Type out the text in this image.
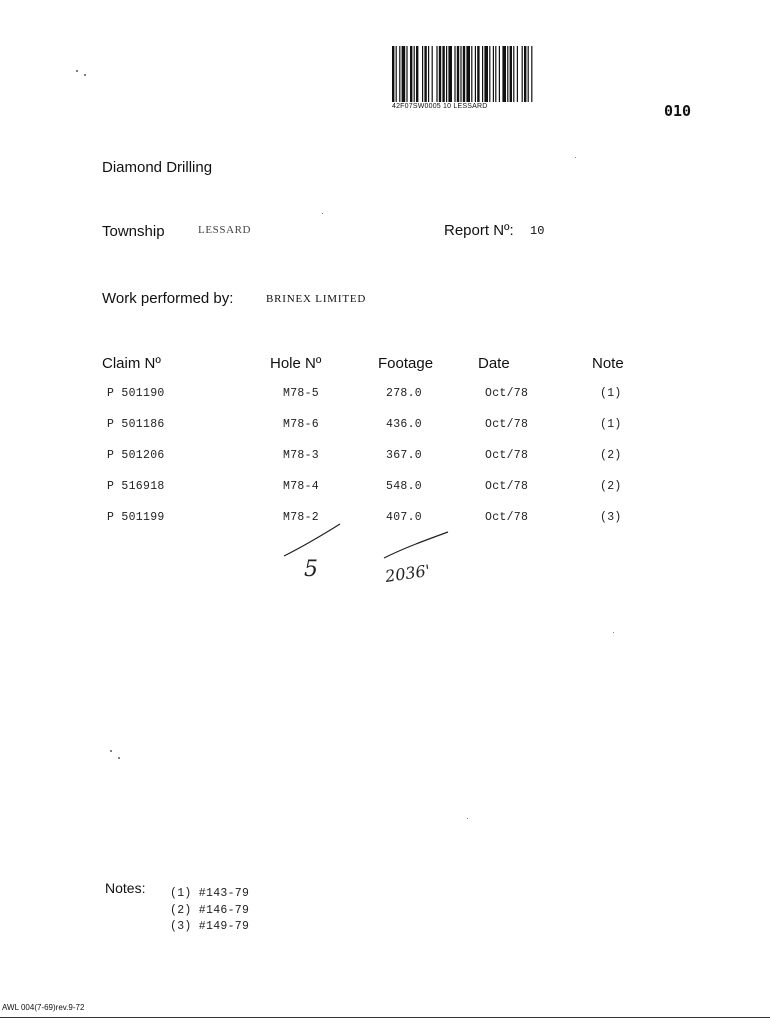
42F07SW0005 10 LESSARD	010
Diamond Drilling
Township	LESSARD	Report Nº: 10
Work performed by:	BRINEX LIMITED
Claim Nº	Hole Nº	Footage	Date	Note
P 501190	M78-5	278.0	Oct/78	(1)
P 501186	M78-6	436.0	Oct/78	(1)
P 501206	M78-3	367.0	Oct/78	(2)
P 516918	M78-4	548.0	Oct/78	(2)
P 501199	M78-2	407.0	Oct/78	(3)
5	2036'
Notes: (1) #143-79
(2) #146-79
(3) #149-79
AWL 004(7-69)rev.9-72
